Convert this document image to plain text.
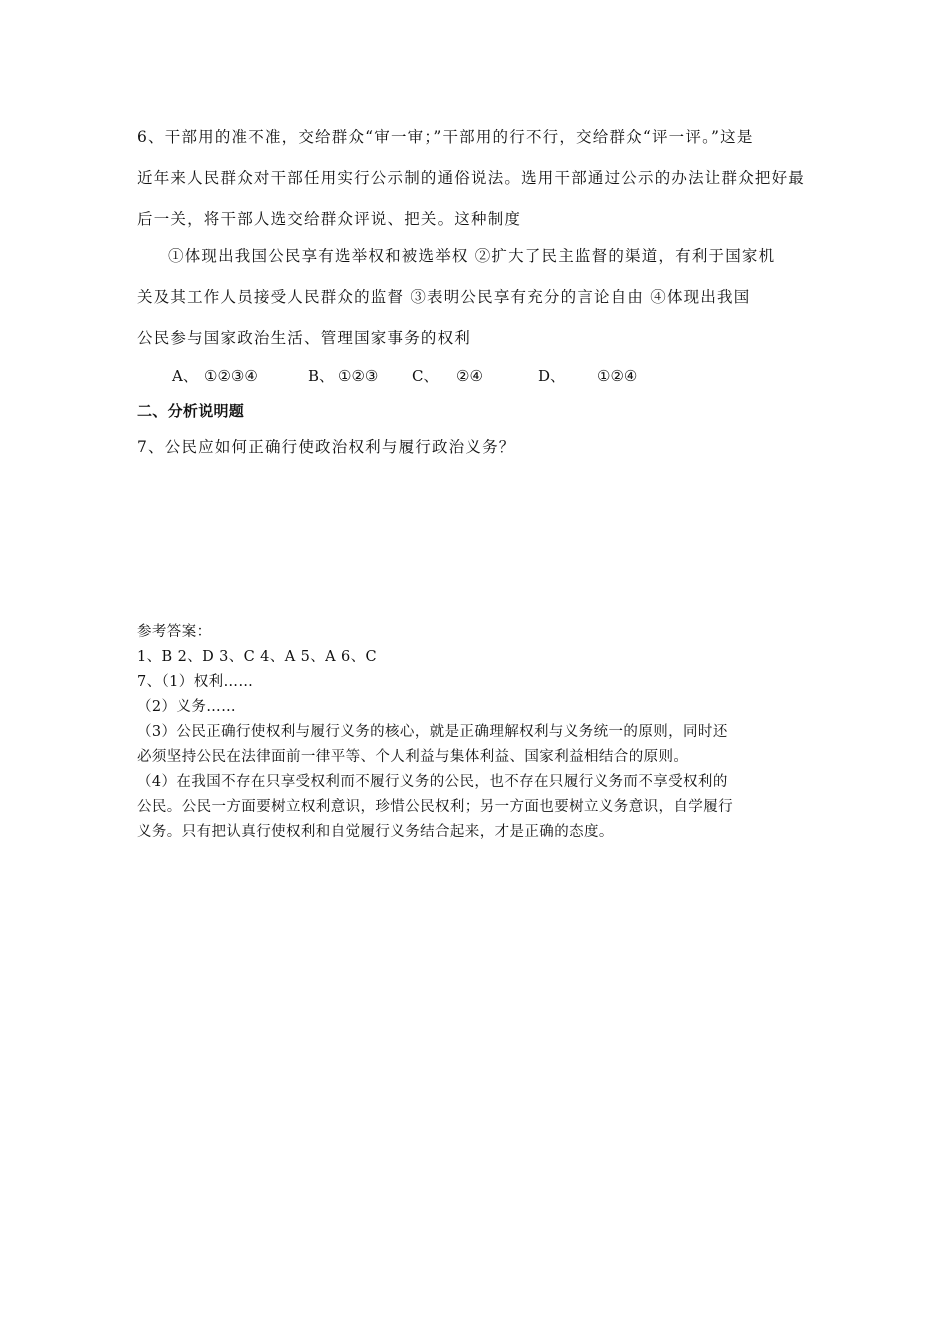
6、干部用的准不准，交给群众“审一审；”干部用的行不行，交给群众“评一评。”这是
近年来人民群众对干部任用实行公示制的通俗说法。选用干部通过公示的办法让群众把好最
后一关，将干部人选交给群众评说、把关。这种制度
①体现出我国公民享有选举权和被选举权 ②扩大了民主监督的渠道，有利于国家机
关及其工作人员接受人民群众的监督 ③表明公民享有充分的言论自由 ④体现出我国
公民参与国家政治生活、管理国家事务的权利
A、 ①②③④	B、 ①②③ C、 ②④	D、 ①②④
二、分析说明题
7、公民应如何正确行使政治权利与履行政治义务？
参考答案：
1、B 2、D 3、C 4、A 5、A 6、C
7、（1）权利……
（2）义务……
（3）公民正确行使权利与履行义务的核心，就是正确理解权利与义务统一的原则，同时还
必须坚持公民在法律面前一律平等、个人利益与集体利益、国家利益相结合的原则。
（4）在我国不存在只享受权利而不履行义务的公民，也不存在只履行义务而不享受权利的
公民。公民一方面要树立权利意识，珍惜公民权利；另一方面也要树立义务意识，自学履行
义务。只有把认真行使权利和自觉履行义务结合起来，才是正确的态度。
